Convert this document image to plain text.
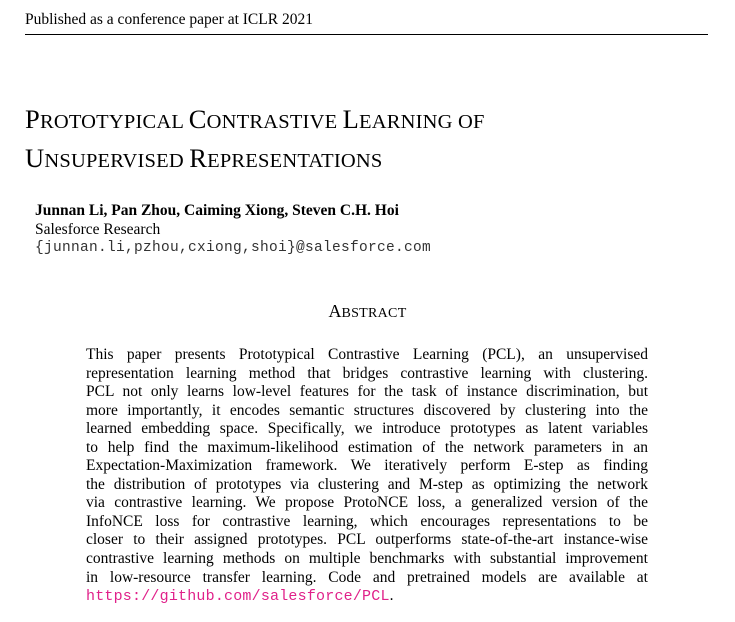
Published as a conference paper at ICLR 2021
PROTOTYPICAL CONTRASTIVE LEARNING OF
UNSUPERVISED REPRESENTATIONS
Junnan Li, Pan Zhou, Caiming Xiong, Steven C.H. Hoi
Salesforce Research
{junnan.li,pzhou,cxiong,shoi}@salesforce.com
ABSTRACT
This paper presents Prototypical Contrastive Learning (PCL), an unsupervised
representation learning method that bridges contrastive learning with clustering.
PCL not only learns low-level features for the task of instance discrimination, but
more importantly, it encodes semantic structures discovered by clustering into the
learned embedding space. Specifically, we introduce prototypes as latent variables
to help find the maximum-likelihood estimation of the network parameters in an
Expectation-Maximization framework. We iteratively perform E-step as finding
the distribution of prototypes via clustering and M-step as optimizing the network
via contrastive learning. We propose ProtoNCE loss, a generalized version of the
InfoNCE loss for contrastive learning, which encourages representations to be
closer to their assigned prototypes. PCL outperforms state-of-the-art instance-wise
contrastive learning methods on multiple benchmarks with substantial improvement
in low-resource transfer learning. Code and pretrained models are available at
https://github.com/salesforce/PCL.
